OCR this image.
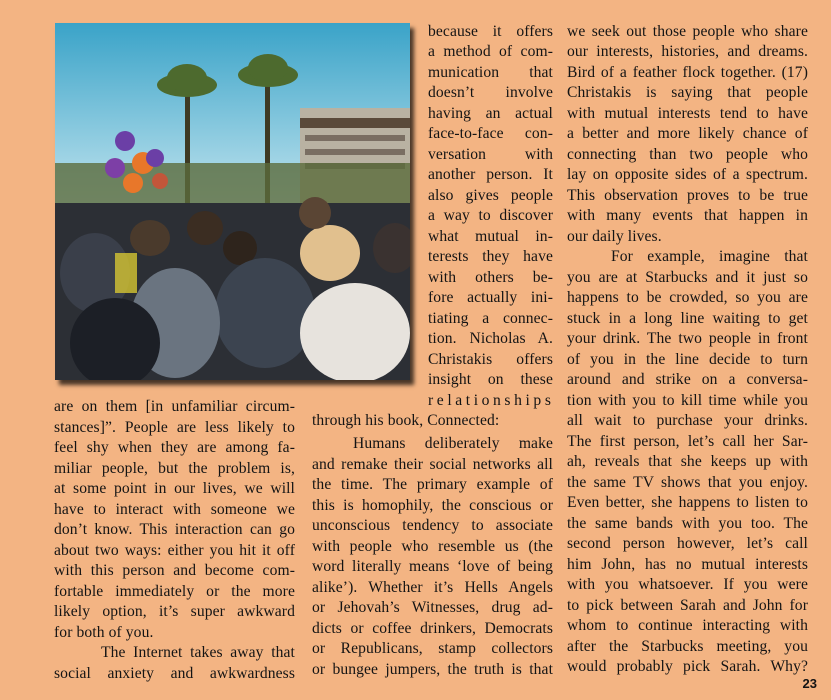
are on them [in unfamiliar circum-
stances]”. People are less likely to
feel shy when they are among fa-
miliar people, but the problem is,
at some point in our lives, we will
have to interact with someone we
don’t know. This interaction can go
about two ways: either you hit it off
with this person and become com-
fortable immediately or the more
likely option, it’s super awkward
for both of you.
The Internet takes away that
social anxiety and awkwardness
because it offers
a method of com-
munication that
doesn’t involve
having an actual
face-to-face con-
versation with
another person. It
also gives people
a way to discover
what mutual in-
terests they have
with others be-
fore actually ini-
tiating a connec-
tion. Nicholas A.
Christakis offers
insight on these
relationships
through his book, Connected:
Humans deliberately make
and remake their social networks all
the time. The primary example of
this is homophily, the conscious or
unconscious tendency to associate
with people who resemble us (the
word literally means ‘love of being
alike’). Whether it’s Hells Angels
or Jehovah’s Witnesses, drug ad-
dicts or coffee drinkers, Democrats
or Republicans, stamp collectors
or bungee jumpers, the truth is that
we seek out those people who share
our interests, histories, and dreams.
Bird of a feather flock together. (17)
Christakis is saying that people
with mutual interests tend to have
a better and more likely chance of
connecting than two people who
lay on opposite sides of a spectrum.
This observation proves to be true
with many events that happen in
our daily lives.
For example, imagine that
you are at Starbucks and it just so
happens to be crowded, so you are
stuck in a long line waiting to get
your drink. The two people in front
of you in the line decide to turn
around and strike on a conversa-
tion with you to kill time while you
all wait to purchase your drinks.
The first person, let’s call her Sar-
ah, reveals that she keeps up with
the same TV shows that you enjoy.
Even better, she happens to listen to
the same bands with you too. The
second person however, let’s call
him John, has no mutual interests
with you whatsoever. If you were
to pick between Sarah and John for
whom to continue interacting with
after the Starbucks meeting, you
would probably pick Sarah. Why?
23
